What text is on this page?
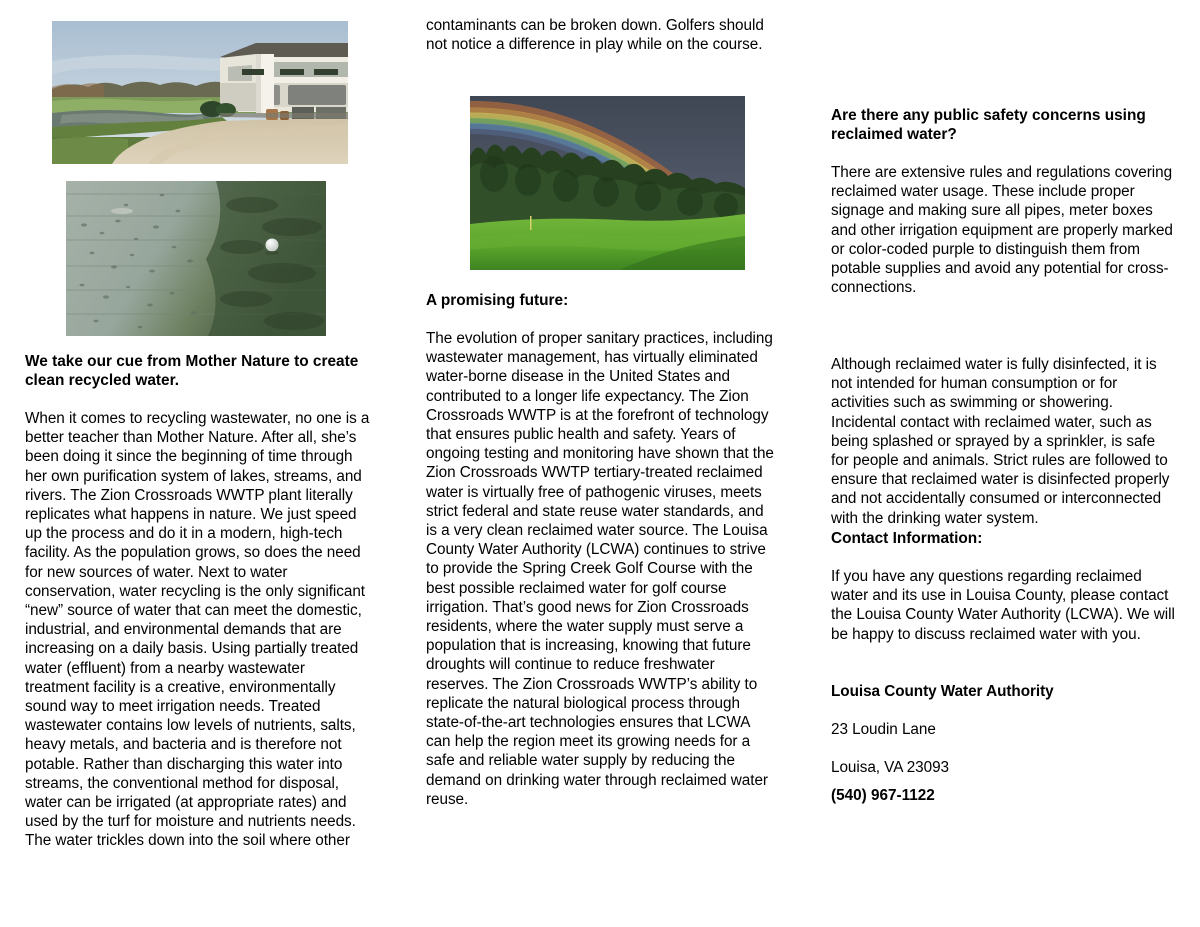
We take our cue from Mother Nature to create clean recycled water.

When it comes to recycling wastewater, no one is a better teacher than Mother Nature. After all, she’s been doing it since the beginning of time through her own purification system of lakes, streams, and rivers. The Zion Crossroads WWTP plant literally replicates what happens in nature. We just speed up the process and do it in a modern, high-tech facility. As the population grows, so does the need for new sources of water. Next to water conservation, water recycling is the only significant “new” source of water that can meet the domestic, industrial, and environmental demands that are increasing on a daily basis. Using partially treated water (effluent) from a nearby wastewater treatment facility is a creative, environmentally sound way to meet irrigation needs. Treated wastewater contains low levels of nutrients, salts, heavy metals, and bacteria and is therefore not potable. Rather than discharging this water into streams, the conventional method for disposal, water can be irrigated (at appropriate rates) and used by the turf for moisture and nutrients needs. The water trickles down into the soil where other

contaminants can be broken down. Golfers should not notice a difference in play while on the course.

A promising future:

The evolution of proper sanitary practices, including wastewater management, has virtually eliminated water-borne disease in the United States and contributed to a longer life expectancy. The Zion Crossroads WWTP is at the forefront of technology that ensures public health and safety. Years of ongoing testing and monitoring have shown that the Zion Crossroads WWTP tertiary-treated reclaimed water is virtually free of pathogenic viruses, meets strict federal and state reuse water standards, and is a very clean reclaimed water source. The Louisa County Water Authority (LCWA) continues to strive to provide the Spring Creek Golf Course with the best possible reclaimed water for golf course irrigation. That’s good news for Zion Crossroads residents, where the water supply must serve a population that is increasing, knowing that future droughts will continue to reduce freshwater reserves. The Zion Crossroads WWTP’s ability to replicate the natural biological process through state-of-the-art technologies ensures that LCWA can help the region meet its growing needs for a safe and reliable water supply by reducing the demand on drinking water through reclaimed water reuse.

Are there any public safety concerns using reclaimed water?

There are extensive rules and regulations covering reclaimed water usage. These include proper signage and making sure all pipes, meter boxes and other irrigation equipment are properly marked or color-coded purple to distinguish them from potable supplies and avoid any potential for cross-connections.

Although reclaimed water is fully disinfected, it is not intended for human consumption or for activities such as swimming or showering. Incidental contact with reclaimed water, such as being splashed or sprayed by a sprinkler, is safe for people and animals. Strict rules are followed to ensure that reclaimed water is disinfected properly and not accidentally consumed or interconnected with the drinking water system.

Contact Information:

If you have any questions regarding reclaimed water and its use in Louisa County, please contact the Louisa County Water Authority (LCWA). We will be happy to discuss reclaimed water with you.

Louisa County Water Authority
23 Loudin Lane
Louisa, VA 23093
(540) 967-1122
